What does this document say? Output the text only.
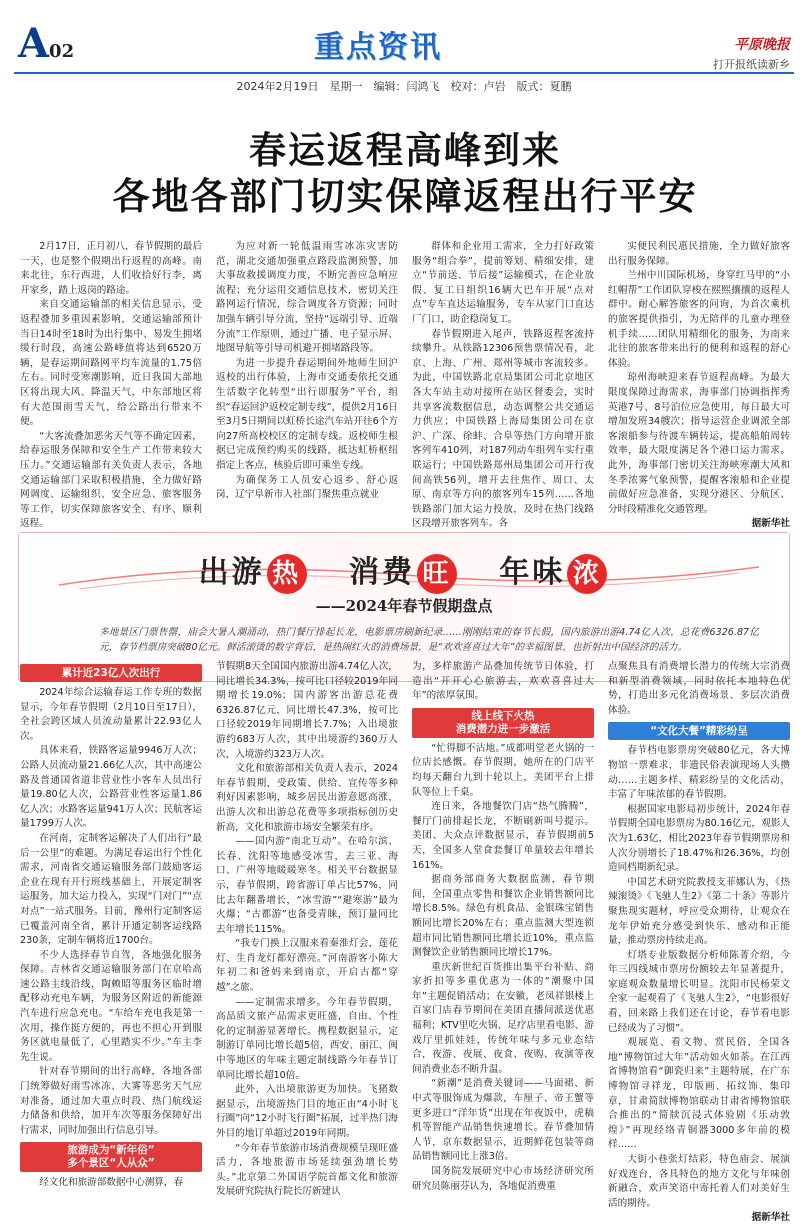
A02	重点资讯	平原晚报
打开报纸读新乡
2024年2月19日　星期一　编辑：闫鸿飞　校对：卢岩　版式：夏鹏
春运返程高峰到来
各地各部门切实保障返程出行平安

2月17日，正月初八，春节假期的最后一天，也是整个假期出行返程的高峰。南来北往，东行西进，人们收拾好行李，离开家乡，踏上返岗的路途。

来自交通运输部的相关信息显示，受返程叠加多重因素影响，交通运输部预计当日14时至18时为出行集中、易发生拥堵缓行时段，高速公路峰值将达到6520万辆，是春运期间路网平均车流量的1.75倍左右。同时受寒潮影响，近日我国大部地区将出现大风、降温天气，中东部地区将有大范围雨雪天气，给公路出行带来不便。

“大客流叠加恶劣天气等不确定因素，给春运服务保障和安全生产工作带来较大压力。”交通运输部有关负责人表示，各地交通运输部门采取积极措施，全力做好路网调度、运输组织、安全应急、旅客服务等工作，切实保障旅客安全、有序、顺利返程。

为应对新一轮低温雨雪冰冻灾害防范，湖北交通加强重点路段监测预警，加大事故救援调度力度，不断完善应急响应流程；充分运用交通信息技术，密切关注路网运行情况，综合调度各方资源；同时加强车辆引导分流，坚持“远端引导、近端分流”工作原则，通过广播、电子显示屏、地图导航等引导司机避开拥堵路段等。

为进一步提升春运期间外地师生回沪返校的出行体验，上海市交通委依托交通生活数字化转型“出行即服务”平台，组织“春运回沪返校定制专线”，提供2月16日至3月5日期间以虹桥长途汽车站开往6个方向27所高校校区的定制专线。返校师生根据已完成预约购买的线路，抵达虹桥枢纽指定上客点，核验后即可乘坐专线。

为确保务工人员安心返乡、舒心返岗，辽宁阜新市人社部门聚焦重点就业

群体和企业用工需求，全力打好政策服务“组合拳”，提前筹划、精细安排，建立“节前送、节后接”运输模式，在企业放假、复工日组织16辆大巴车开展“点对点”专车直达运输服务，专车从家门口直达厂门口，助企稳岗复工。

春节假期进入尾声，铁路返程客流持续攀升。从铁路12306预售票情况看，北京、上海、广州、郑州等城市客流较多。为此，中国铁路北京局集团公司北京地区各大车站主动对接所在站区督委会，实时共享客流数据信息，动态调整公共交通运力供应；中国铁路上海局集团公司在京沪、广深、徐蚌、合阜等热门方向增开旅客列车410列，对187列动车组列车实行重联运行；中国铁路郑州局集团公司开行夜间高铁56列，增开去往焦作、周口、太原、南京等方向的旅客列车15列……各地铁路部门加大运力投放，及时在热门线路区段增开旅客列车。各

实便民利民惠民措施，全力做好旅客出行服务保障。

兰州中川国际机场，身穿红马甲的“小红帽帮”工作团队穿梭在熙熙攘攘的返程人群中。耐心解答旅客的问询，为首次乘机的旅客提供指引，为无陪伴的儿童办理登机手续……团队用精细化的服务，为南来北往的旅客带来出行的便利和返程的舒心体验。

琼州海峡迎来春节返程高峰。为最大限度保障过海需求，海事部门协调指挥秀英港7号、8号泊位应急使用，每日最大可增加发班34艘次；指导运营企业调派全部客滚船参与待渡车辆转运，提高船舶周转效率，最大限度满足各个港口运力需求。此外，海事部门密切关注海峡寒潮大风和冬季浓雾气象预警，提醒客滚船和企业提前做好应急准备，实现分港区、分航区、分时段精准化交通管理。

据新华社

出游 热 消费 旺 年味 浓
——2024年春节假期盘点
多地景区门票售罄，庙会大暑人潮涌动，热门餐厅排起长龙，电影票房刷新纪录……刚刚结束的春节长假，国内旅游出游4.74亿人次，总花费6326.87亿元，春节档票房突破80亿元。鲜活滚烫的数字背后，是热闹红火的消费场景，是“欢欢喜喜过大年”的幸福图景，也折射出中国经济的活力。
累计近23亿人次出行

2024年综合运输春运工作专班的数据显示，今年春节假期（2月10日至17日），全社会跨区域人员流动量累计22.93亿人次。

具体来看，铁路客运量9946万人次；公路人员流动量21.66亿人次，其中高速公路及普通国省道非营业性小客车人员出行量19.80亿人次，公路营业性客运量1.86亿人次；水路客运量941万人次；民航客运量1799万人次。

在河南，定制客运解决了人们出行“最后一公里”的难题。为满足春运出行个性化需求，河南省交通运输服务部门鼓励客运企业在现有开行班线基础上，开展定制客运服务，加大运力投入，实现“门对门”“点对点”一站式服务。目前，豫州行定制客运已覆盖河南全省，累计开通定制客运线路230条，定制车辆将近1700台。

不少人选择春节自驾，各地强化服务保障。吉林省交通运输服务部门在京哈高速公路主线沿线，陶赖昭等服务区临时增配移动充电车辆，为服务区附近的新能源汽车进行应急充电。“车给车充电我是第一次用，操作挺方便的，再也不担心开到服务区就电量低了，心里踏实不少。”车主李先生说。

针对春节期间的出行高峰，各地各部门统筹做好雨雪冰冻、大雾等恶劣天气应对准备，通过加大重点时段、热门航线运力储备和供给，加开车次等服务保障好出行需求，同时加强出行信息引导。

旅游成为“新年俗”
多个景区“人从众”

经文化和旅游部数据中心测算，春

节假期8天全国国内旅游出游4.74亿人次，同比增长34.3%，按可比口径较2019年同期增长19.0%；国内游客出游总花费6326.87亿元，同比增长47.3%，按可比口径较2019年同期增长7.7%；入出境旅游约683万人次，其中出境游约360万人次，入境游约323万人次。

文化和旅游部相关负责人表示，2024年春节假期，受政策、供给、宣传等多种利好因素影响，城乡居民出游意愿高涨，出游人次和出游总花费等多项指标创历史新高，文化和旅游市场安全繁荣有序。

——国内游“南北互动”。在哈尔滨、长春、沈阳等地感受冰雪，去三亚、海口、广州等地暖暖寒冬。相关平台数据显示，春节假期，跨省游订单占比57%，同比去年翻番增长，“冰雪游”“避寒游”最为火爆；“古都游”也备受青睐，预订量同比去年增长115%。

“我专门换上汉服来看秦淮灯会，莲花灯、生肖龙灯都好漂亮。”河南游客小陈大年初二和爸妈来到南京，开启古都“穿越”之旅。

——定制需求增多。今年春节假期，高品质文旅产品需求更旺盛，自由、个性化的定制游显著增长。携程数据显示，定制游订单同比增长超5倍，西安、丽江、闽中等地区的年味主题定制线路今年春节订单同比增长超10倍。

此外，入出境旅游更为加快。飞猪数据显示，出境游热门目的地正由“4小时飞行圈”向“12小时飞行圈”拓展，过半热门海外目的地订单超过2019年同期。

“今年春节旅游市场消费规模呈现旺盛活力，各地旅游市场延续强劲增长势头。”北京第二外国语学院首都文化和旅游发展研究院执行院长厉新建认

为，多样旅游产品叠加传统节日体验，打造出“开开心心旅游去，欢欢喜喜过大年”的浓厚氛围。

线上线下火热
消费潜力进一步激活

“忙得脚不沾地。”成都明堂老火锅的一位店长感慨。春节假期，她所在的门店平均每天翻台九到十轮以上，美团平台上排队等位上千桌。

连日来，各地餐饮门店“热气腾腾”，餐厅门前排起长龙，不断刷新叫号提示。美团、大众点评数据显示，春节假期前5天，全国多人堂食套餐订单量较去年增长161%。

据商务部商务大数据监测，春节期间，全国重点零售和餐饮企业销售额同比增长8.5%。绿色有机食品、金银珠宝销售额同比增长20%左右；重点监测大型连锁超市同比销售额同比增长近10%，重点监测餐饮企业销售额同比增长17%。

重庆新世纪百货推出集平台补贴、商家折扣等多重优惠为一体的“潮聚中国年”主题促销活动；在安徽，老凤祥银楼上百家门店春节期间在美团直播间派送优惠福利；KTV里吃火锅、足疗店里看电影、游戏厅里抓娃娃，传统年味与多元业态结合，夜游、夜展、夜食、夜购、夜演等夜间消费业态不断升温。

“新潮”是消费关键词——马面裙、新中式等服饰成为爆款，车厘子、帝王蟹等更多进口“洋年货”出现在年夜饭中，虎稿机等智能产品销售快速增长。春节叠加情人节，京东数据显示，近期鲜花包装等商品销售额同比上涨3倍。

国务院发展研究中心市场经济研究所研究员陈丽芬认为，各地促消费重

点聚焦具有消费增长潜力的传统大宗消费和新型消费领域，同时依托本地特色优势，打造出多元化消费场景、多层次消费体验。

“文化大餐”精彩纷呈

春节档电影票房突破80亿元，各大博物馆一票难求，非遗民俗表演现场人头攒动……主题多样、精彩纷呈的文化活动，丰富了年味浓郁的春节假期。

根据国家电影局初步统计，2024年春节假期全国电影票房为80.16亿元，观影人次为1.63亿，相比2023年春节假期票房和人次分别增长了18.47%和26.36%，均创造同档期新纪录。

中国艺术研究院教授支菲娜认为，《热辣滚烫》《飞驰人生2》《第二十条》等影片聚焦现实题材，呼应受众期待，让观众在龙年伊始充分感受到快乐、感动和正能量，推动票房持续走高。

灯塔专业版数据分析师陈菁介绍，今年三四线城市票房份额较去年显著提升，家庭观众数量增长明显。沈阳市民杨荣文全家一起观看了《飞驰人生2》，“电影很好看，回来路上我们还在讨论，春节看电影已经成为了习惯”。

观展览、看文物、赏民俗，全国各地“博物馆过大年”活动如火如荼。在江西省博物馆看“御瓷归来”主题特展，在广东博物馆寻祥龙，印版画、拓纹饰、集印章，甘肃简牍博物馆联动甘肃省博物馆联合推出的“简牍沉浸式体验剧《乐动敦煌》”再现经络青铜器3000多年前的模样……

大街小巷张灯结彩，特色庙会、展演好戏连台，各具特色的地方文化与年味创新融合，欢声笑语中寄托着人们对美好生活的期待。

据新华社
